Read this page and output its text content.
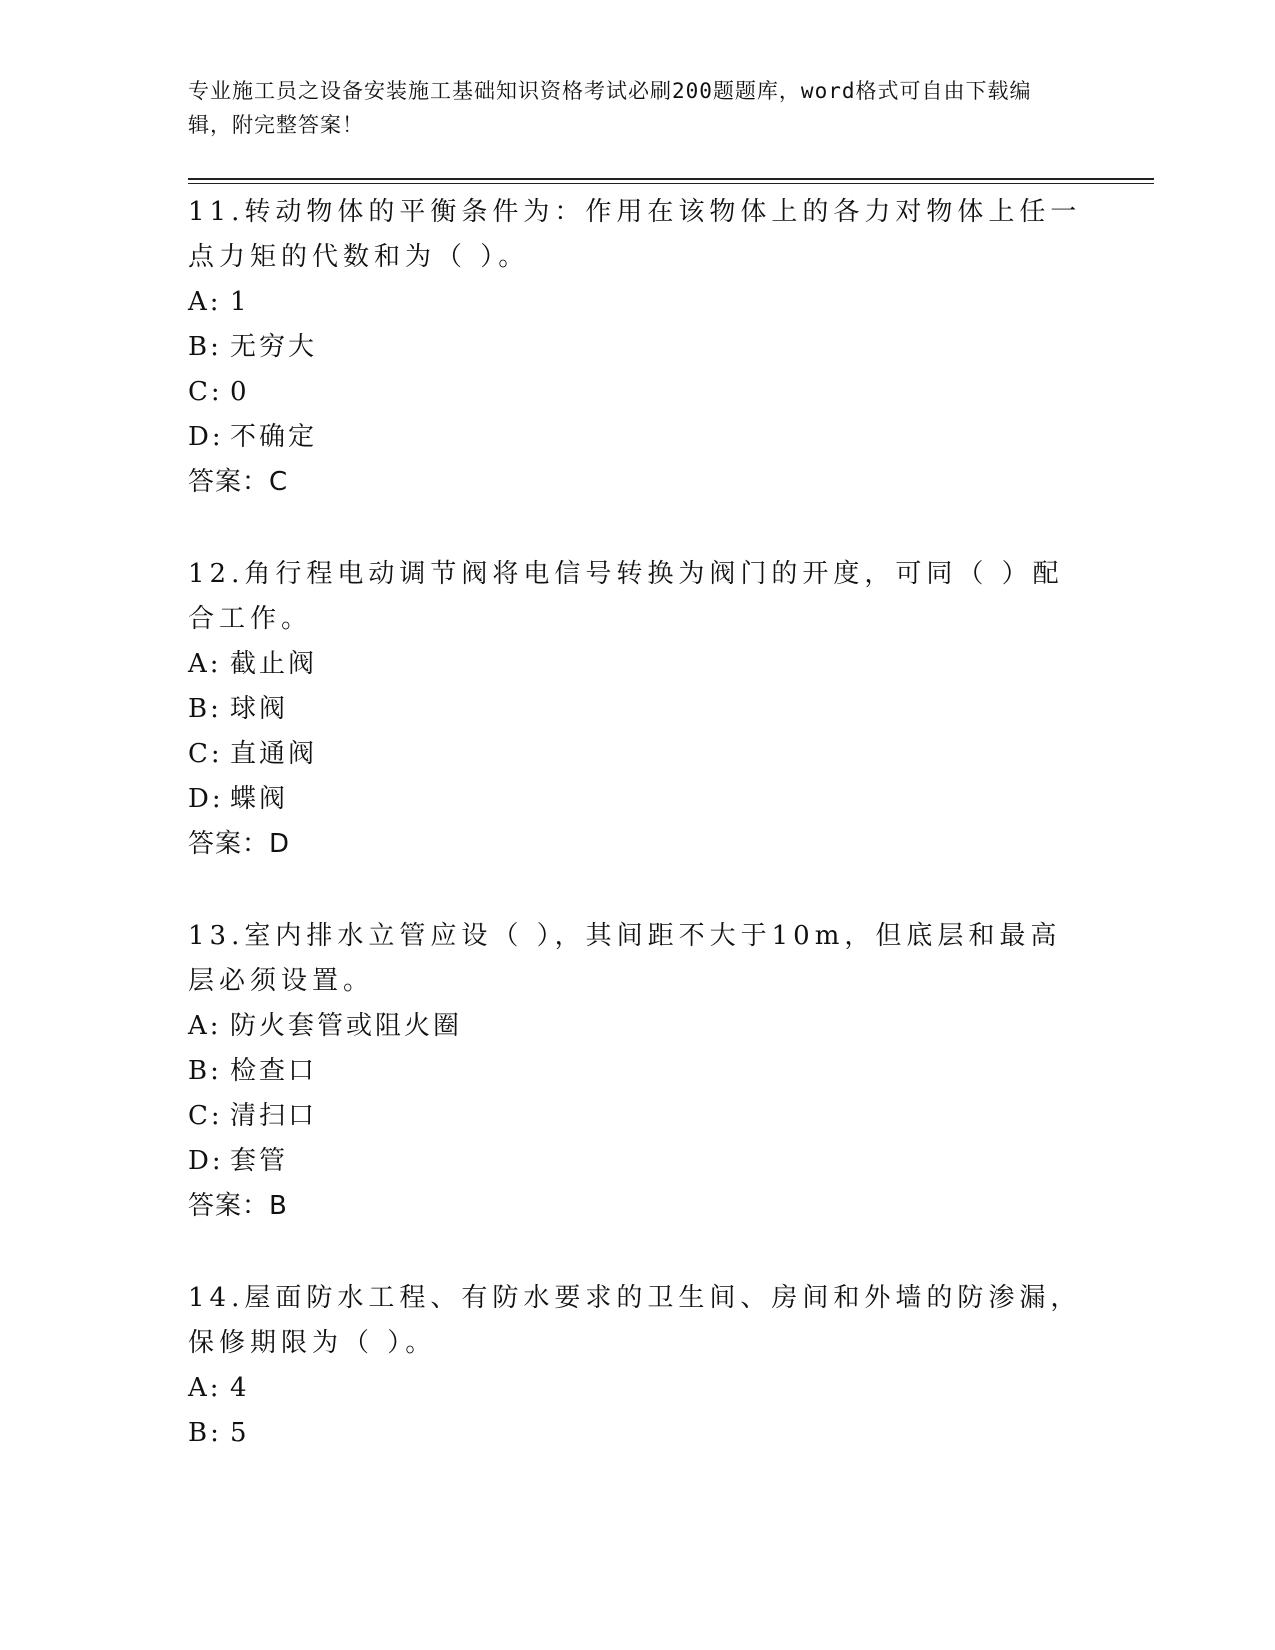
专业施工员之设备安装施工基础知识资格考试必刷200题题库，word格式可自由下载编辑，附完整答案！
11.转动物体的平衡条件为：作用在该物体上的各力对物体上任一点力矩的代数和为（ ）。
A: 1
B: 无穷大
C: 0
D: 不确定
答案：C
12.角行程电动调节阀将电信号转换为阀门的开度，可同（ ）配合工作。
A: 截止阀
B: 球阀
C: 直通阀
D: 蝶阀
答案：D
13.室内排水立管应设（ ），其间距不大于10m，但底层和最高层必须设置。
A: 防火套管或阻火圈
B: 检查口
C: 清扫口
D: 套管
答案：B
14.屋面防水工程、有防水要求的卫生间、房间和外墙的防渗漏，保修期限为（ ）。
A: 4
B: 5
